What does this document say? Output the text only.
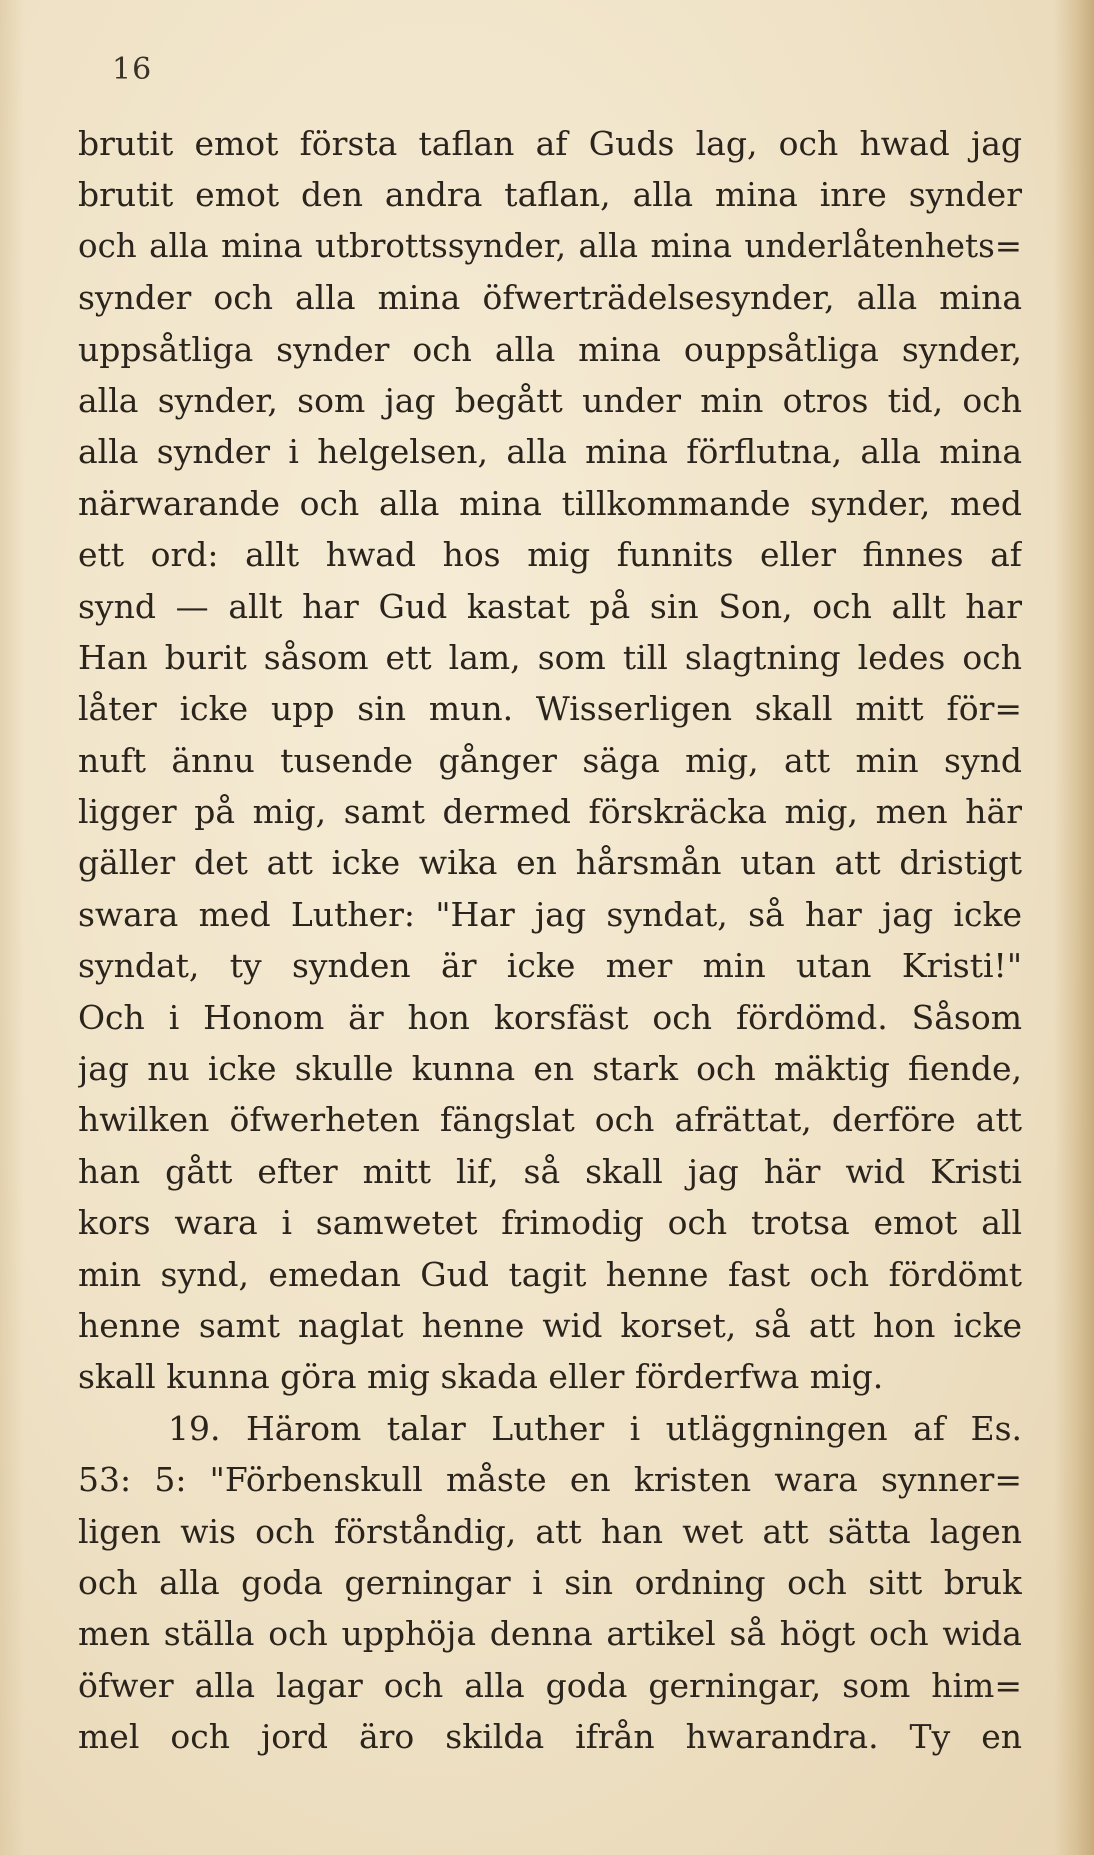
16
brutit emot första taflan af Guds lag, och hwad jag
brutit emot den andra taflan, alla mina inre synder
och alla mina utbrottssynder, alla mina underlåtenhets=
synder och alla mina öfwerträdelsesynder, alla mina
uppsåtliga synder och alla mina ouppsåtliga synder,
alla synder, som jag begått under min otros tid, och
alla synder i helgelsen, alla mina förflutna, alla mina
närwarande och alla mina tillkommande synder, med
ett ord: allt hwad hos mig funnits eller finnes af
synd — allt har Gud kastat på sin Son, och allt har
Han burit såsom ett lam, som till slagtning ledes och
låter icke upp sin mun. Wisserligen skall mitt för=
nuft ännu tusende gånger säga mig, att min synd
ligger på mig, samt dermed förskräcka mig, men här
gäller det att icke wika en hårsmån utan att dristigt
swara med Luther: "Har jag syndat, så har jag icke
syndat, ty synden är icke mer min utan Kristi!"
Och i Honom är hon korsfäst och fördömd. Såsom
jag nu icke skulle kunna en stark och mäktig fiende,
hwilken öfwerheten fängslat och afrättat, derföre att
han gått efter mitt lif, så skall jag här wid Kristi
kors wara i samwetet frimodig och trotsa emot all
min synd, emedan Gud tagit henne fast och fördömt
henne samt naglat henne wid korset, så att hon icke
skall kunna göra mig skada eller förderfwa mig.
19. Härom talar Luther i utläggningen af Es.
53: 5: "Förbenskull måste en kristen wara synner=
ligen wis och förståndig, att han wet att sätta lagen
och alla goda gerningar i sin ordning och sitt bruk
men ställa och upphöja denna artikel så högt och wida
öfwer alla lagar och alla goda gerningar, som him=
mel och jord äro skilda ifrån hwarandra. Ty en
